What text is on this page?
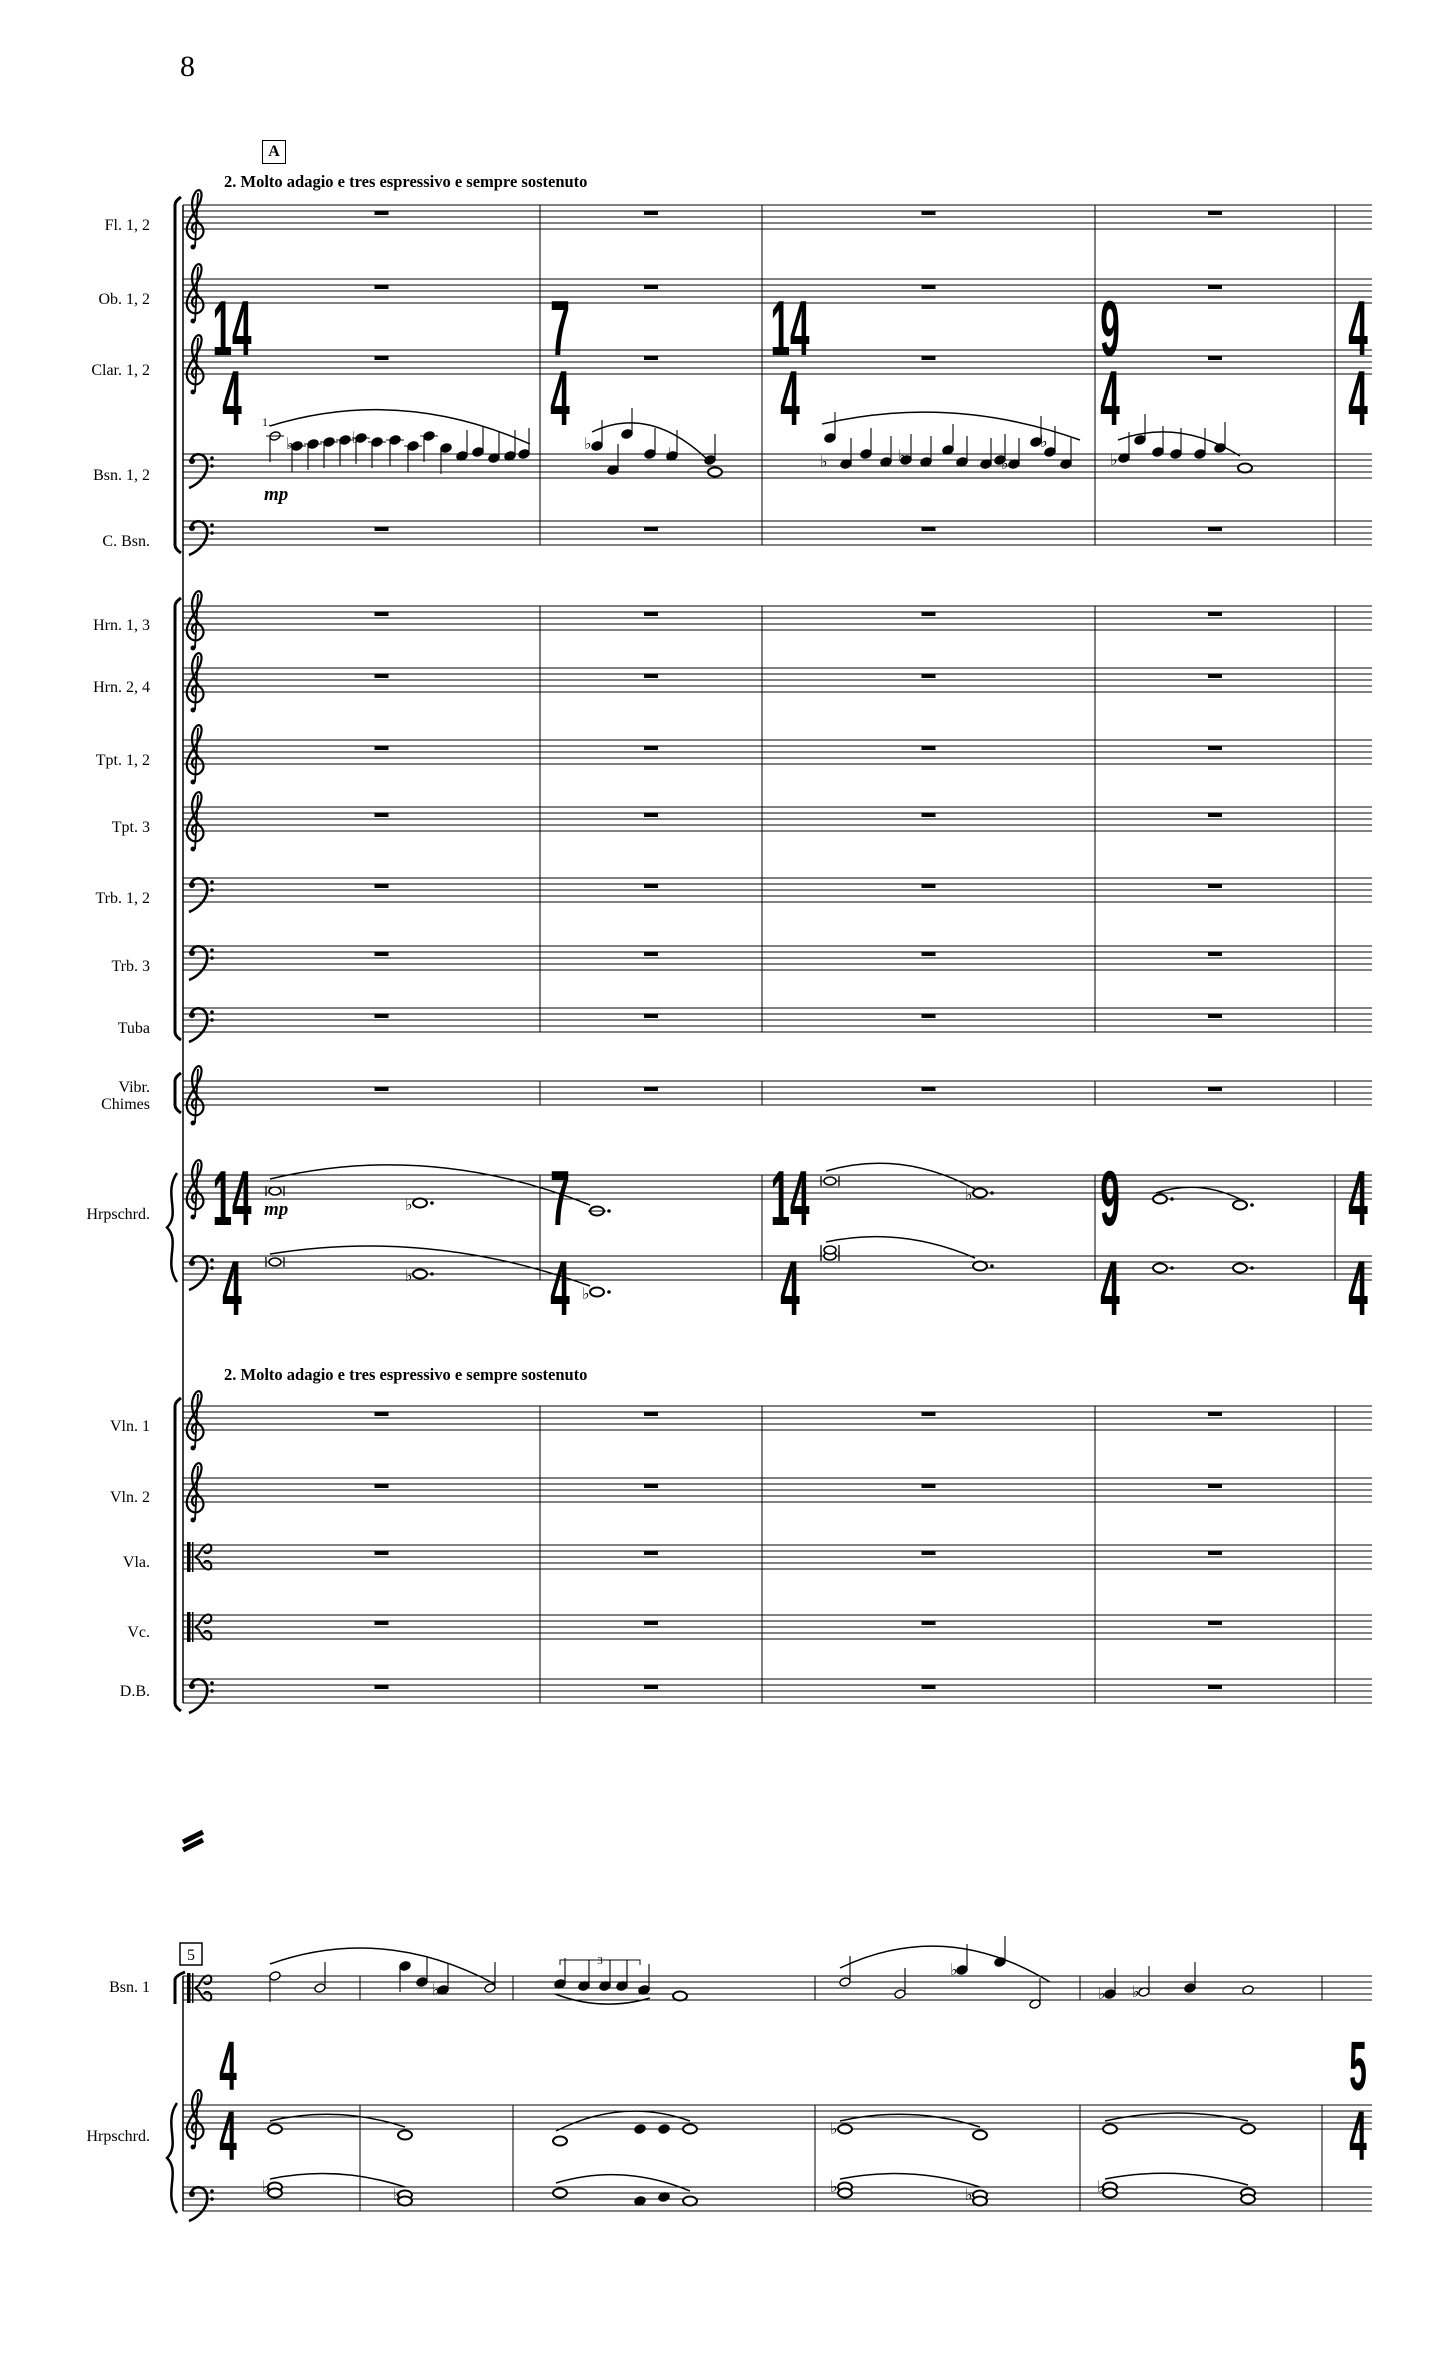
8
A
2. Molto adagio e tres espressivo e sempre sostenuto
2. Molto adagio e tres espressivo e sempre sostenuto
Fl. 1, 2
Ob. 1, 2
Clar. 1, 2
Bsn. 1, 2
C. Bsn.
Hrn. 1, 3
Hrn. 2, 4
Tpt. 1, 2
Tpt. 3
Trb. 1, 2
Trb. 3
Tuba
Vibr.
Chimes
Hrpschrd.
Vln. 1
Vln. 2
Vla.
Vc.
D.B.
Bsn. 1
Hrpschrd.
♭	♭	♭
♭	♭	♭
♭
♭	♭
mp
1.
♭
♭
mp
♭
♭
5
♭
3	♭
♭ ♭
♭
♭	♭	♭	♭	♭
14
4
14
4
7
4
7
4
14
4
14
4
9
4
9
4
4
4
4
4
4
4
5
4
